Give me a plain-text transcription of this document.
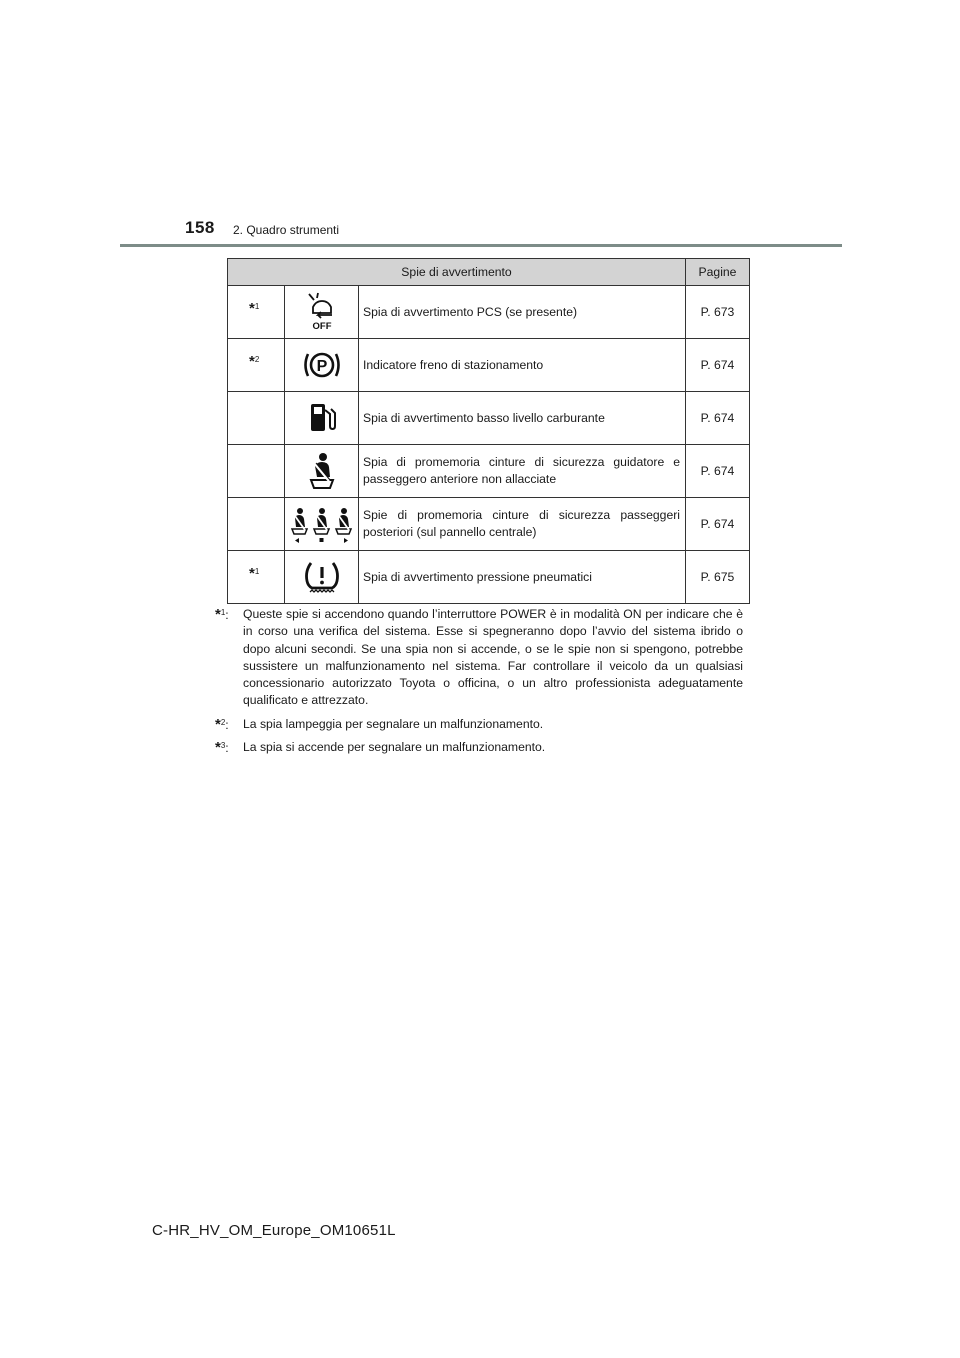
158 2. Quadro strumenti
Spie di avvertimento			Pagine

*$^1$	OFF	Spia di avvertimento PCS (se presente)	P. 673

*$^2$	P	Indicatore freno di stazionamento	P. 674

	Spia di avvertimento basso livello carburante	P. 674

	Spia di promemoria cinture di sicurezza guidatore e passeggero anteriore non allacciate	P. 674

	Spie di promemoria cinture di sicurezza passeggeri posteriori (sul pannello centrale)	P. 674

*$^1$		Spia di avvertimento pressione pneumatici	P. 675
*$^1$: Queste spie si accendono quando l’interruttore POWER è in modalità ON per indicare che è in corso una verifica del sistema. Esse si spegneranno dopo l’avvio del sistema ibrido o dopo alcuni secondi. Se una spia non si accende, o se le spie non si spengono, potrebbe sussistere un malfunzionamento nel sistema. Far controllare il veicolo da un qualsiasi concessionario autorizzato Toyota o officina, o un altro professionista adeguatamente qualificato e attrezzato.
*$^2$: La spia lampeggia per segnalare un malfunzionamento.
*$^3$: La spia si accende per segnalare un malfunzionamento.
C-HR_HV_OM_Europe_OM10651L
